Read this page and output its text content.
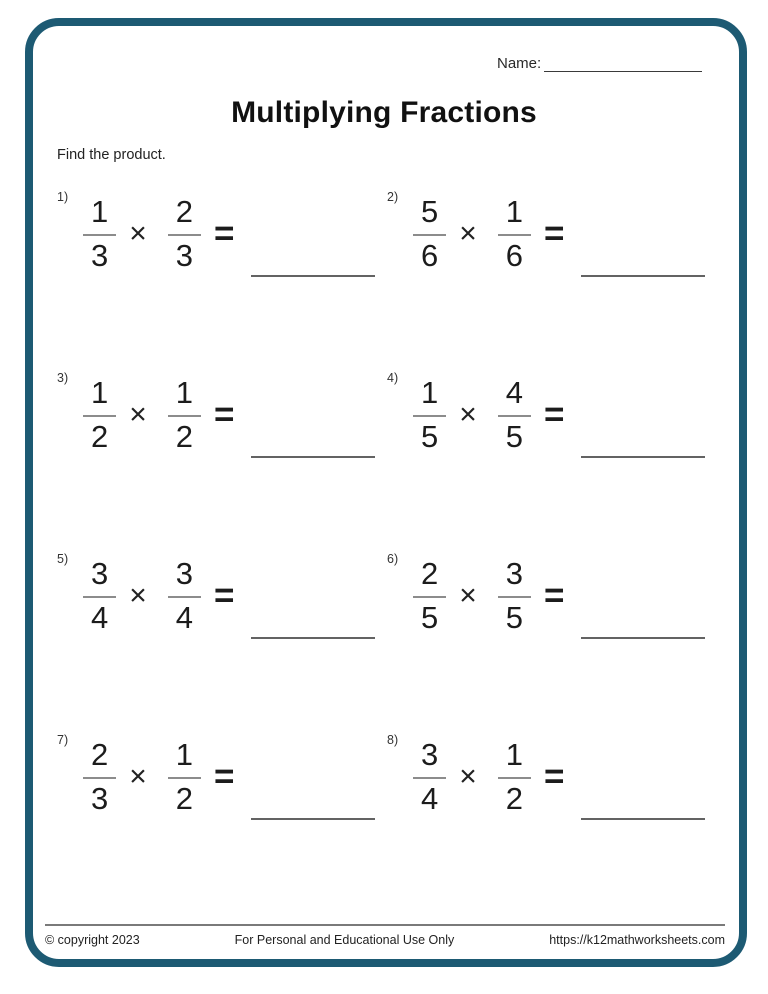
Name:
Multiplying Fractions
Find the product.
$1) \frac{1}{3} \times \frac{2}{3}$ =
$2) \frac{5}{6} \times \frac{1}{6}$ =
$3) \frac{1}{2} \times \frac{1}{2}$ =
$4) \frac{1}{5} \times \frac{4}{5}$ =
$5) \frac{3}{4} \times \frac{3}{4}$ =
$6) \frac{2}{5} \times \frac{3}{5}$ =
$7) \frac{2}{3} \times \frac{1}{2}$ =
$8) \frac{3}{4} \times \frac{1}{2}$ =
© copyright 2023	For Personal and Educational Use Only	https://k12mathworksheets.com
